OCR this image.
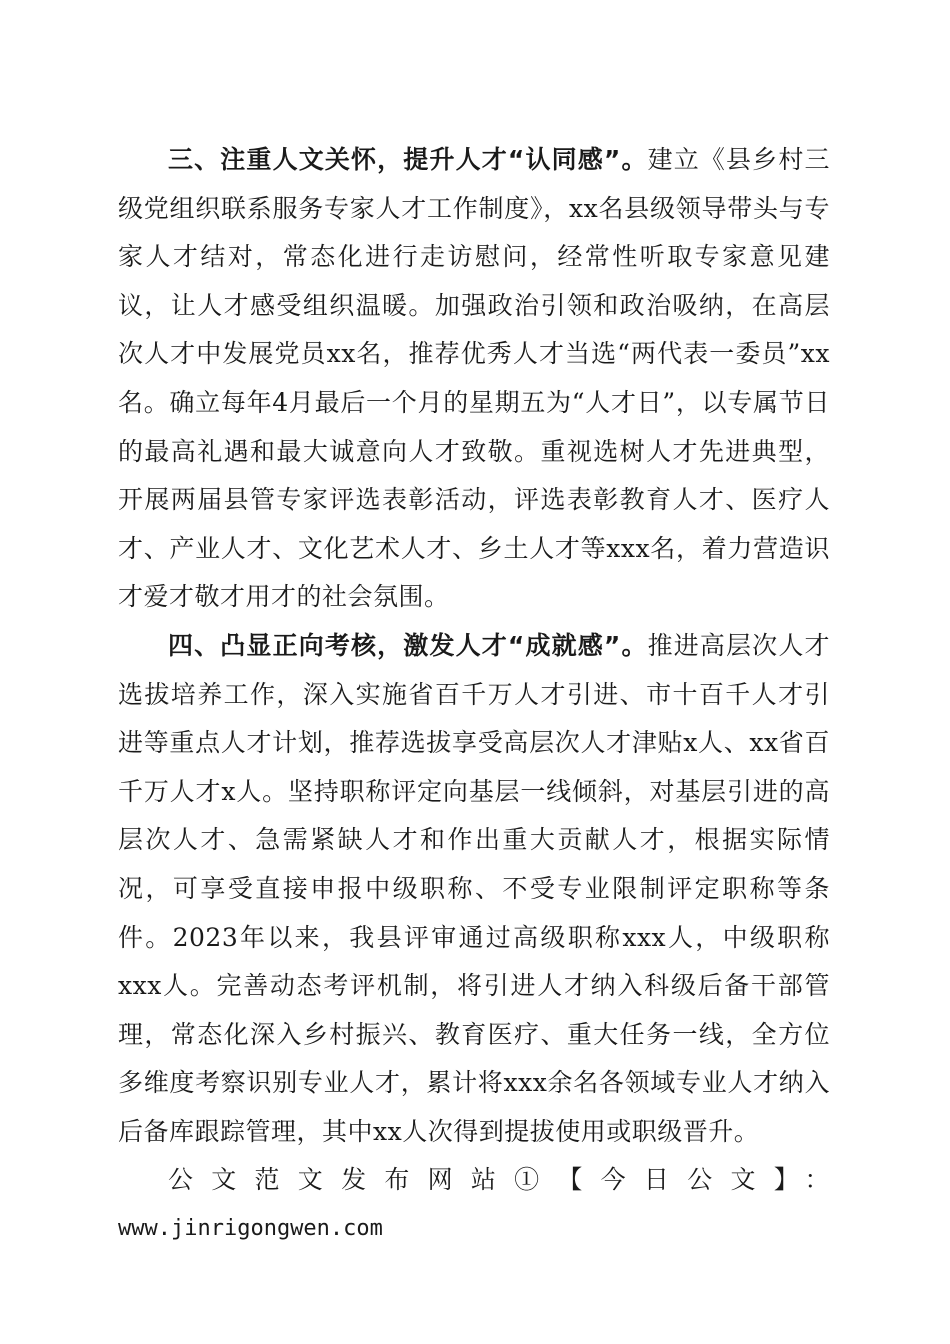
三、注重人文关怀，提升人才“认同感”。建立《县乡村三级党组织联系服务专家人才工作制度》，xx名县级领导带头与专家人才结对，常态化进行走访慰问，经常性听取专家意见建议，让人才感受组织温暖。加强政治引领和政治吸纳，在高层次人才中发展党员xx名，推荐优秀人才当选“两代表一委员”xx名。确立每年4月最后一个月的星期五为“人才日”，以专属节日的最高礼遇和最大诚意向人才致敬。重视选树人才先进典型，开展两届县管专家评选表彰活动，评选表彰教育人才、医疗人才、产业人才、文化艺术人才、乡土人才等xxx名，着力营造识才爱才敬才用才的社会氛围。

四、凸显正向考核，激发人才“成就感”。推进高层次人才选拔培养工作，深入实施省百千万人才引进、市十百千人才引进等重点人才计划，推荐选拔享受高层次人才津贴x人、xx省百千万人才x人。坚持职称评定向基层一线倾斜，对基层引进的高层次人才、急需紧缺人才和作出重大贡献人才，根据实际情况，可享受直接申报中级职称、不受专业限制评定职称等条件。2023年以来，我县评审通过高级职称xxx人，中级职称xxx人。完善动态考评机制，将引进人才纳入科级后备干部管理，常态化深入乡村振兴、教育医疗、重大任务一线，全方位多维度考察识别专业人才，累计将xxx余名各领域专业人才纳入后备库跟踪管理，其中xx人次得到提拔使用或职级晋升。

公文范文发布网站①【今日公文】：

www.jinrigongwen.com
